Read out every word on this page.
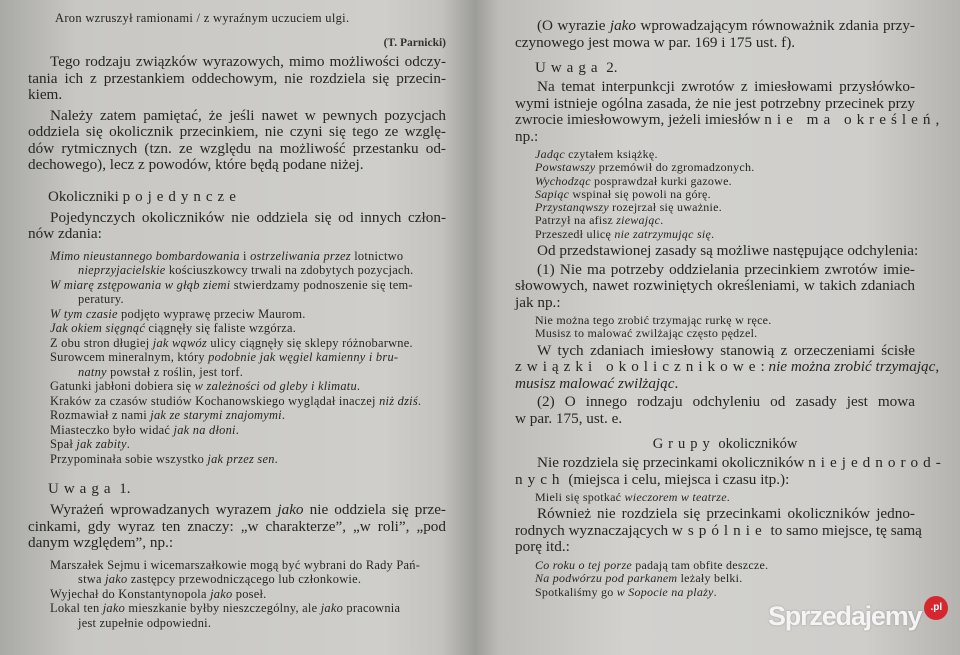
Aron wzruszył ramionami / z wyraźnym uczuciem ulgi.
(T. Parnicki)
Tego rodzaju związków wyrazowych, mimo możliwości odczy-
tania ich z przestankiem oddechowym, nie rozdziela się przecin-
kiem.
Należy zatem pamiętać, że jeśli nawet w pewnych pozycjach
oddziela się okolicznik przecinkiem, nie czyni się tego ze wzglę-
dów rytmicznych (tzn. ze względu na możliwość przestanku od-
dechowego), lecz z powodów, które będą podane niżej.
Okoliczniki pojedyncze
Pojedynczych okoliczników nie oddziela się od innych człon-
nów zdania:
Mimo nieustannego bombardowania i ostrzeliwania przez lotnictwo
nieprzyjacielskie kościuszkowcy trwali na zdobytych pozycjach.
W miarę zstępowania w głąb ziemi stwierdzamy podnoszenie się tem-
peratury.
W tym czasie podjęto wyprawę przeciw Maurom.
Jak okiem sięgnąć ciągnęły się faliste wzgórza.
Z obu stron długiej jak wąwóz ulicy ciągnęły się sklepy różnobarwne.
Surowcem mineralnym, który podobnie jak węgiel kamienny i bru-
natny powstał z roślin, jest torf.
Gatunki jabłoni dobiera się w zależności od gleby i klimatu.
Kraków za czasów studiów Kochanowskiego wyglądał inaczej niż dziś.
Rozmawiał z nami jak ze starymi znajomymi.
Miasteczko było widać jak na dłoni.
Spał jak zabity.
Przypominała sobie wszystko jak przez sen.
Uwaga 1.
Wyrażeń wprowadzanych wyrazem jako nie oddziela się prze-
cinkami, gdy wyraz ten znaczy: „w charakterze”, „w roli”, „pod
danym względem”, np.:
Marszałek Sejmu i wicemarszałkowie mogą być wybrani do Rady Pań-
stwa jako zastępcy przewodniczącego lub członkowie.
Wyjechał do Konstantynopola jako poseł.
Lokal ten jako mieszkanie byłby nieszczególny, ale jako pracownia
jest zupełnie odpowiedni.
(O wyrazie jako wprowadzającym równoważnik zdania przy-
czynowego jest mowa w par. 169 i 175 ust. f).
Uwaga 2.
Na temat interpunkcji zwrotów z imiesłowami przysłówko-
wymi istnieje ogólna zasada, że nie jest potrzebny przecinek przy
zwrocie imiesłowowym, jeżeli imiesłów nie ma określeń,
np.:
Jadąc czytałem książkę.
Powstawszy przemówił do zgromadzonych.
Wychodząc posprawdzał kurki gazowe.
Sapiąc wspinał się powoli na górę.
Przystanąwszy rozejrzał się uważnie.
Patrzył na afisz ziewając.
Przeszedł ulicę nie zatrzymując się.
Od przedstawionej zasady są możliwe następujące odchylenia:
(1) Nie ma potrzeby oddzielania przecinkiem zwrotów imie-
słowowych, nawet rozwiniętych określeniami, w takich zdaniach
jak np.:
Nie można tego zrobić trzymając rurkę w ręce.
Musisz to malować zwilżając często pędzel.
W tych zdaniach imiesłowy stanowią z orzeczeniami ścisłe
związki okolicznikowe: nie można zrobić trzymając,
musisz malować zwilżając.
(2) O innego rodzaju odchyleniu od zasady jest mowa
w par. 175, ust. e.
Grupy okoliczników
Nie rozdziela się przecinkami okoliczników niejednorod-
nych (miejsca i celu, miejsca i czasu itp.):
Mieli się spotkać wieczorem w teatrze.
Również nie rozdziela się przecinkami okoliczników jedno-
rodnych wyznaczających wspólnie to samo miejsce, tę samą
porę itd.:
Co roku o tej porze padają tam obfite deszcze.
Na podwórzu pod parkanem leżały belki.
Spotkaliśmy go w Sopocie na plaży.
Sprzedajemy .pl
